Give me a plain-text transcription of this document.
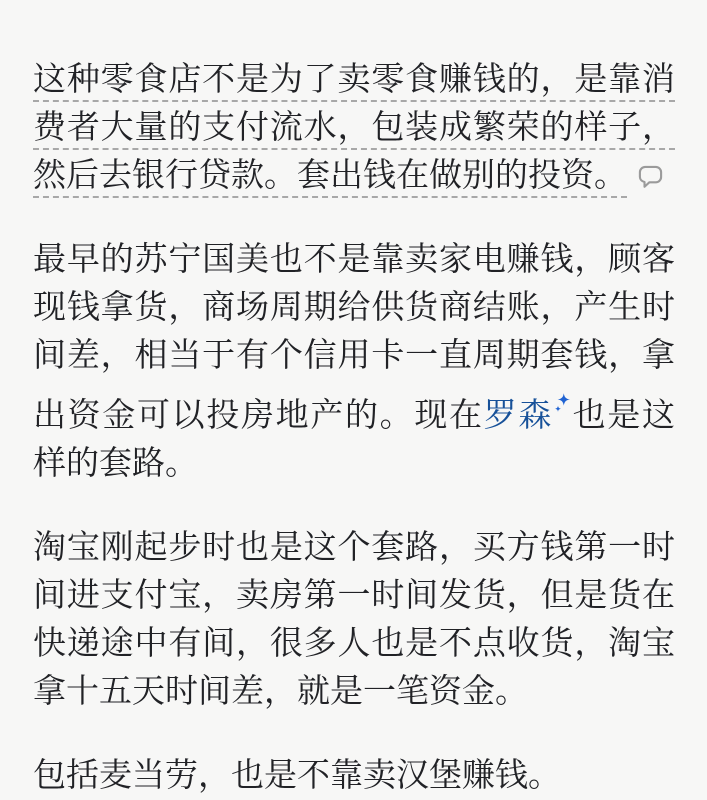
这种零食店不是为了卖零食赚钱的，是靠消费者大量的支付流水，包装成繁荣的样子，然后去银行贷款。套出钱在做别的投资。

最早的苏宁国美也不是靠卖家电赚钱，顾客现钱拿货，商场周期给供货商结账，产生时间差，相当于有个信用卡一直周期套钱，拿出资金可以投房地产的。现在罗森 也是这样的套路。

淘宝刚起步时也是这个套路，买方钱第一时间进支付宝，卖房第一时间发货，但是货在快递途中有间，很多人也是不点收货，淘宝拿十五天时间差，就是一笔资金。

包括麦当劳，也是不靠卖汉堡赚钱。
